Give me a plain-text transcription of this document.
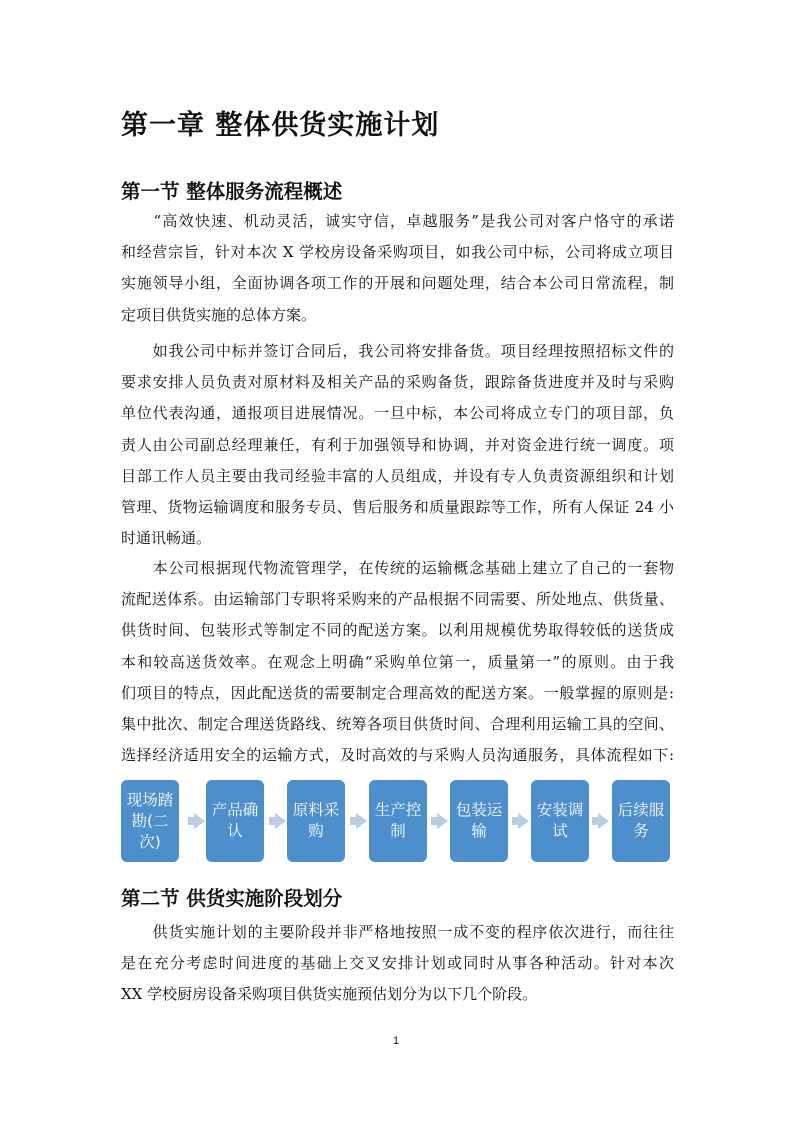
第一章 整体供货实施计划
第一节 整体服务流程概述
　　“高效快速、机动灵活，诚实守信，卓越服务”是我公司对客户恪守的承诺
和经营宗旨，针对本次 X 学校房设备采购项目，如我公司中标，公司将成立项目
实施领导小组，全面协调各项工作的开展和问题处理，结合本公司日常流程，制
定项目供货实施的总体方案。
　　如我公司中标并签订合同后，我公司将安排备货。项目经理按照招标文件的
要求安排人员负责对原材料及相关产品的采购备货，跟踪备货进度并及时与采购
单位代表沟通，通报项目进展情况。一旦中标，本公司将成立专门的项目部，负
责人由公司副总经理兼任，有利于加强领导和协调，并对资金进行统一调度。项
目部工作人员主要由我司经验丰富的人员组成，并设有专人负责资源组织和计划
管理、货物运输调度和服务专员、售后服务和质量跟踪等工作，所有人保证 24 小
时通讯畅通。
　　本公司根据现代物流管理学，在传统的运输概念基础上建立了自己的一套物
流配送体系。由运输部门专职将采购来的产品根据不同需要、所处地点、供货量、
供货时间、包装形式等制定不同的配送方案。以利用规模优势取得较低的送货成
本和较高送货效率。在观念上明确“采购单位第一，质量第一”的原则。由于我
们项目的特点，因此配送货的需要制定合理高效的配送方案。一般掌握的原则是:
集中批次、制定合理送货路线、统筹各项目供货时间、合理利用运输工具的空间、
选择经济适用安全的运输方式，及时高效的与采购人员沟通服务，具体流程如下:
现场踏勘(二次)
产品确认
原料采购
生产控制
包装运输
安装调试
后续服务
第二节 供货实施阶段划分
　　供货实施计划的主要阶段并非严格地按照一成不变的程序依次进行，而往往
是在充分考虑时间进度的基础上交叉安排计划或同时从事各种活动。针对本次
XX 学校厨房设备采购项目供货实施预估划分为以下几个阶段。
1
